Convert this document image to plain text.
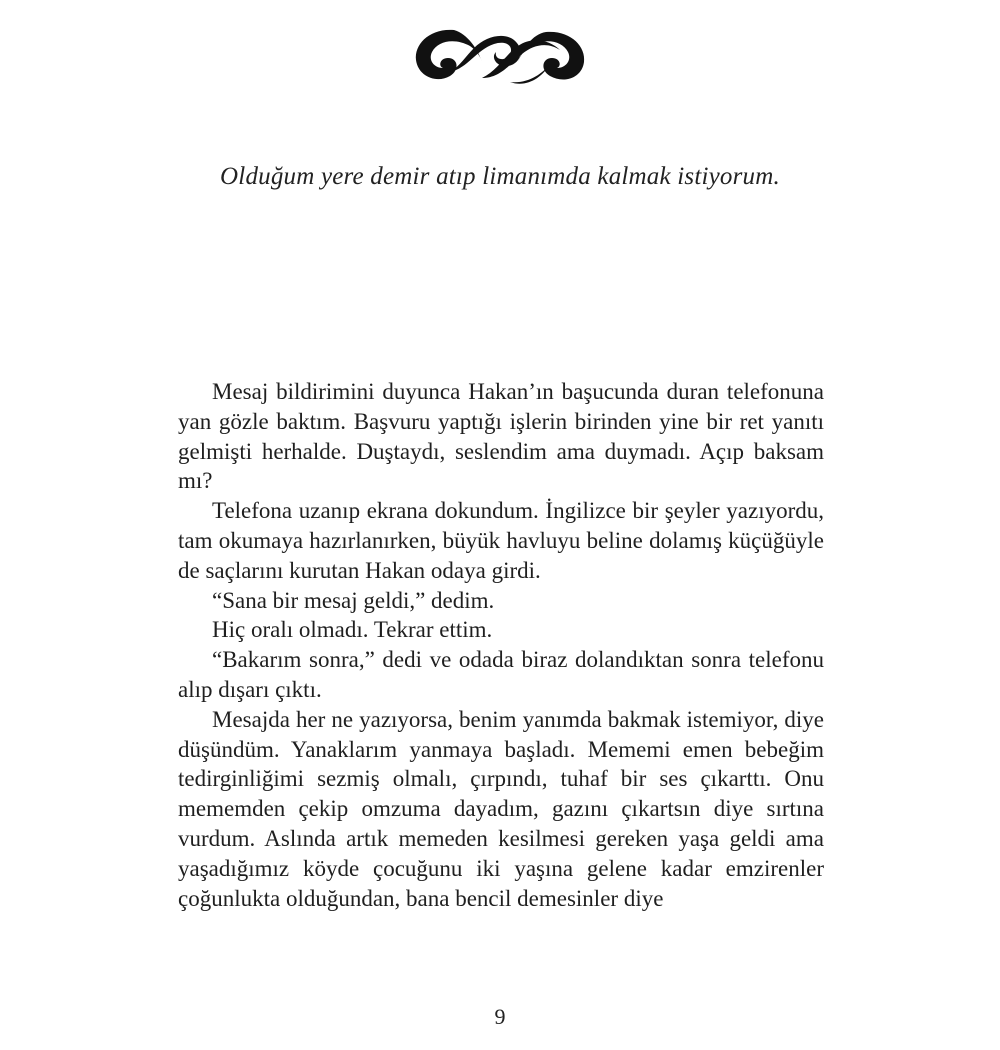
Olduğum yere demir atıp limanımda kalmak istiyorum.

Mesaj bildirimini duyunca Hakan’ın başucunda duran telefonuna yan gözle baktım. Başvuru yaptığı işlerin birinden yine bir ret yanıtı gelmişti herhalde. Duştaydı, seslendim ama duymadı. Açıp baksam mı?

Telefona uzanıp ekrana dokundum. İngilizce bir şeyler yazıyordu, tam okumaya hazırlanırken, büyük havluyu beline dolamış küçüğüyle de saçlarını kurutan Hakan odaya girdi.

“Sana bir mesaj geldi,” dedim.

Hiç oralı olmadı. Tekrar ettim.

“Bakarım sonra,” dedi ve odada biraz dolandıktan sonra telefonu alıp dışarı çıktı.

Mesajda her ne yazıyorsa, benim yanımda bakmak istemiyor, diye düşündüm. Yanaklarım yanmaya başladı. Mememi emen bebeğim tedirginliğimi sezmiş olmalı, çırpındı, tuhaf bir ses çıkarttı. Onu mememden çekip omzuma dayadım, gazını çıkartsın diye sırtına vurdum. Aslında artık memeden kesilmesi gereken yaşa geldi ama yaşadığımız köyde çocuğunu iki yaşına gelene kadar emzirenler çoğunlukta olduğundan, bana bencil demesinler diye

9
